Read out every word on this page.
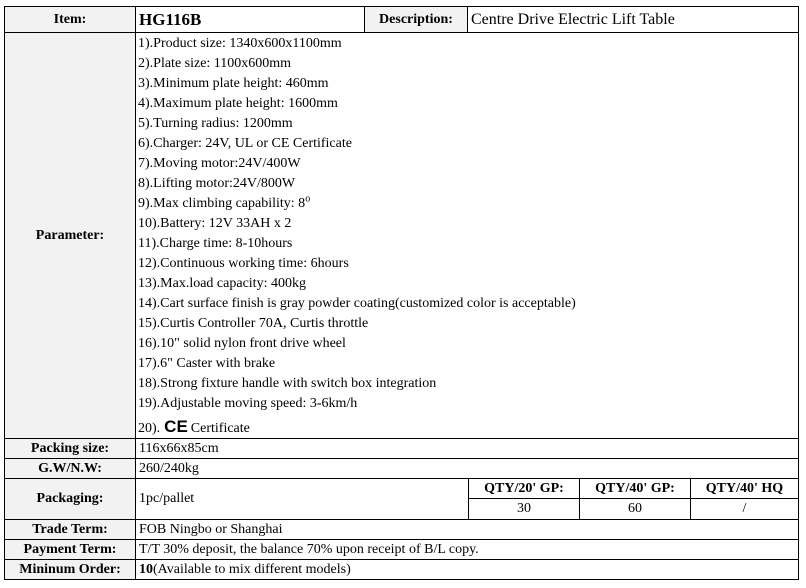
Item:	HG116B	Description:	Centre Drive Electric Lift Table
Parameter:
1).Product size: 1340x600x1100mm
2).Plate size: 1100x600mm
3).Minimum plate height: 460mm
4).Maximum plate height: 1600mm
5).Turning radius: 1200mm
6).Charger: 24V, UL or CE Certificate
7).Moving motor:24V/400W
8).Lifting motor:24V/800W
9).Max climbing capability: 8$^o$
10).Battery: 12V 33AH x 2
11).Charge time: 8-10hours
12).Continuous working time: 6hours
13).Max.load capacity: 400kg
14).Cart surface finish is gray powder coating(customized color is acceptable)
15).Curtis Controller 70A, Curtis throttle
16).10" solid nylon front drive wheel
17).6" Caster with brake
18).Strong fixture handle with switch box integration
19).Adjustable moving speed: 3-6km/h
20). CE Certificate
Packing size:	116x66x85cm
G.W/N.W:	260/240kg
Packaging:	1pc/pallet
QTY/20' GP:	QTY/40' GP:	QTY/40' HQ
30	60	/
Trade Term:	FOB Ningbo or Shanghai
Payment Term:	T/T 30% deposit, the balance 70% upon receipt of B/L copy.
Mininum Order:	10 (Available to mix different models)
